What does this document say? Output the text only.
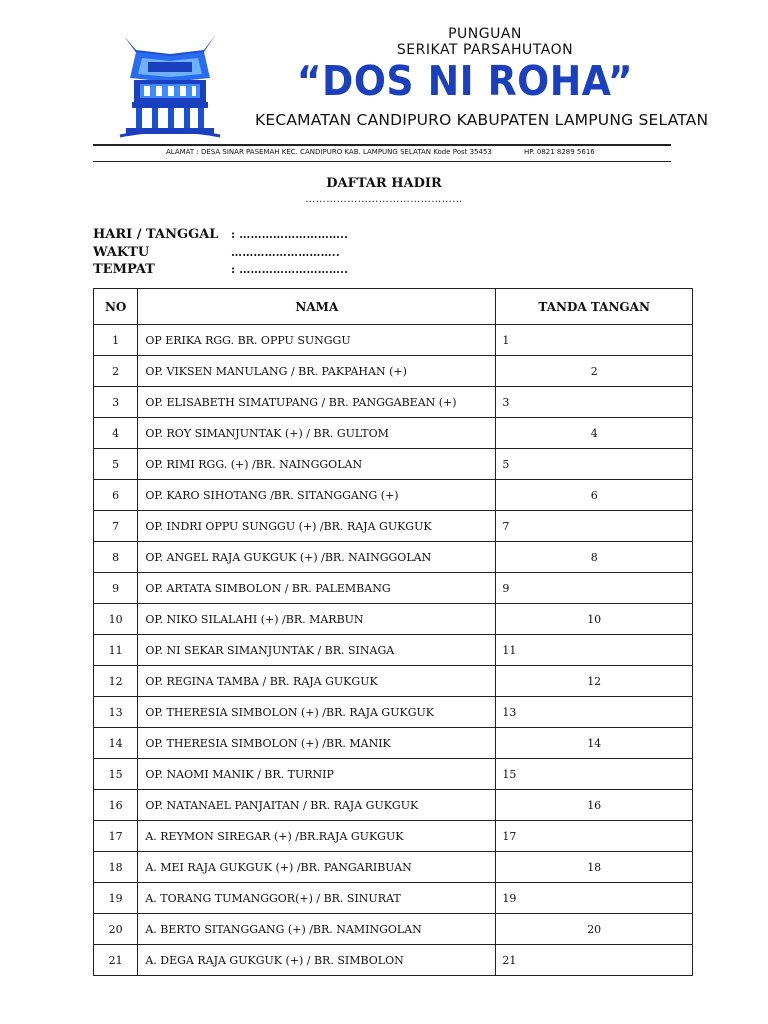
PUNGUAN
SERIKAT PARSAHUTAON
“DOS NI ROHA”
KECAMATAN CANDIPURO KABUPATEN LAMPUNG SELATAN
ALAMAT : DESA SINAR PASEMAH KEC. CANDIPURO KAB. LAMPUNG SELATAN Kode Post 35453	HP. 0821 8289 5616
DAFTAR HADIR
………………………………………
HARI / TANGGAL : ………………………..
WAKTU	………………………..
TEMPAT	: ………………………..
NO	NAMA	TANDA TANGAN
1	OP ERIKA RGG. BR. OPPU SUNGGU	1
2	OP. VIKSEN MANULANG / BR. PAKPAHAN (+)	2
3	OP. ELISABETH SIMATUPANG / BR. PANGGABEAN (+)	3
4	OP. ROY SIMANJUNTAK (+) / BR. GULTOM	4
5	OP. RIMI RGG. (+) /BR. NAINGGOLAN	5
6	OP. KARO SIHOTANG /BR. SITANGGANG (+)	6
7	OP. INDRI OPPU SUNGGU (+) /BR. RAJA GUKGUK	7
8	OP. ANGEL RAJA GUKGUK (+) /BR. NAINGGOLAN	8
9	OP. ARTATA SIMBOLON / BR. PALEMBANG	9
10	OP. NIKO SILALAHI (+) /BR. MARBUN	10
11	OP. NI SEKAR SIMANJUNTAK / BR. SINAGA	11
12	OP. REGINA TAMBA / BR. RAJA GUKGUK	12
13	OP. THERESIA SIMBOLON (+) /BR. RAJA GUKGUK	13
14	OP. THERESIA SIMBOLON (+) /BR. MANIK	14
15	OP. NAOMI MANIK / BR. TURNIP	15
16	OP. NATANAEL PANJAITAN / BR. RAJA GUKGUK	16
17	A. REYMON SIREGAR (+) /BR.RAJA GUKGUK	17
18	A. MEI RAJA GUKGUK (+) /BR. PANGARIBUAN	18
19	A. TORANG TUMANGGOR(+) / BR. SINURAT	19
20	A. BERTO SITANGGANG (+) /BR. NAMINGOLAN	20
21	A. DEGA RAJA GUKGUK (+) / BR. SIMBOLON	21
